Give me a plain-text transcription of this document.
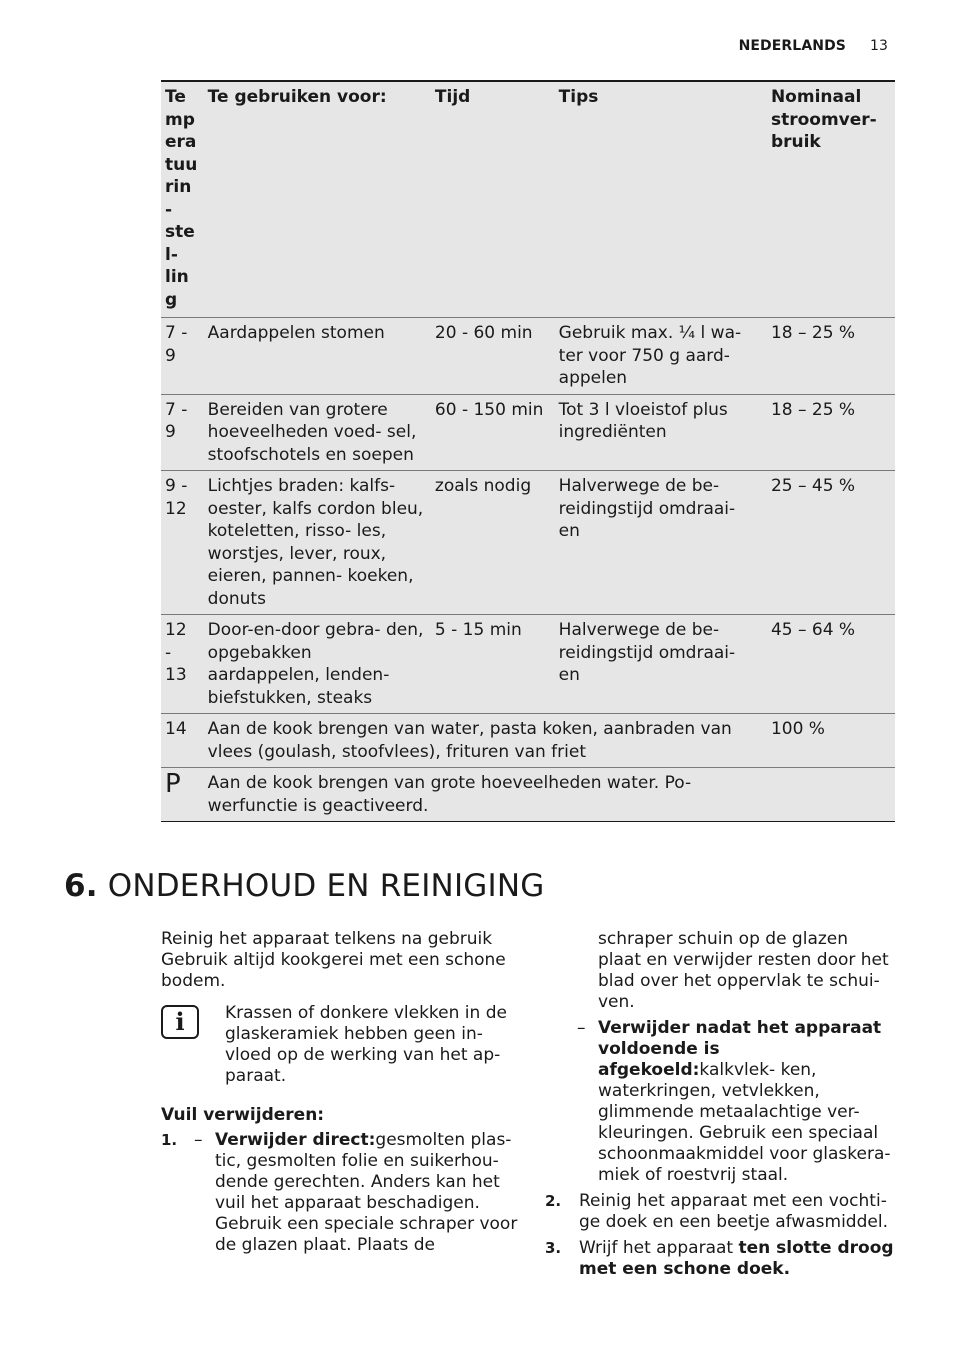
NEDERLANDS 13
Te mp era tuu rin- stel- lin g	Te gebruiken voor:	Tijd	Tips	Nominaal stroomver- bruik
7 - 9	Aardappelen stomen	20 - 60 min	Gebruik max. ¼ l wa- ter voor 750 g aard- appelen	18 – 25 %
7 - 9	Bereiden van grotere hoeveelheden voed- sel, stoofschotels en soepen	60 - 150 min	Tot 3 l vloeistof plus ingrediënten	18 – 25 %
9 - 12	Lichtjes braden: kalfs- oester, kalfs cordon bleu, koteletten, risso- les, worstjes, lever, roux, eieren, pannen- koeken, donuts	zoals nodig	Halverwege de be- reidingstijd omdraai- en	25 – 45 %
12 - 13	Door-en-door gebra- den, opgebakken aardappelen, lenden- biefstukken, steaks	5 - 15 min	Halverwege de be- reidingstijd omdraai- en	45 – 64 %
14	Aan de kook brengen van water, pasta koken, aanbraden van vlees (goulash, stoofvlees), frituren van friet			100 %
P	Aan de kook brengen van grote hoeveelheden water. Po- werfunctie is geactiveerd.			
6. ONDERHOUD EN REINIGING

Reinig het apparaat telkens na gebruik Gebruik altijd kookgerei met een schone bodem.

i	Krassen of donkere vlekken in de glaskeramiek hebben geen in- vloed op de werking van het ap- paraat.

Vuil verwijderen:

1. – Verwijder direct:gesmolten plas- tic, gesmolten folie en suikerhou- dende gerechten. Anders kan het vuil het apparaat beschadigen. Gebruik een speciale schraper voor de glazen plaat. Plaats de

schraper schuin op de glazen plaat en verwijder resten door het blad over het oppervlak te schui- ven.

– Verwijder nadat het apparaat voldoende is afgekoeld:kalkvlek- ken, waterkringen, vetvlekken, glimmende metaalachtige ver- kleuringen. Gebruik een speciaal schoonmaakmiddel voor glaskera- miek of roestvrij staal.

2. Reinig het apparaat met een vochti- ge doek en een beetje afwasmiddel.

3. Wrijf het apparaat ten slotte droog met een schone doek.
